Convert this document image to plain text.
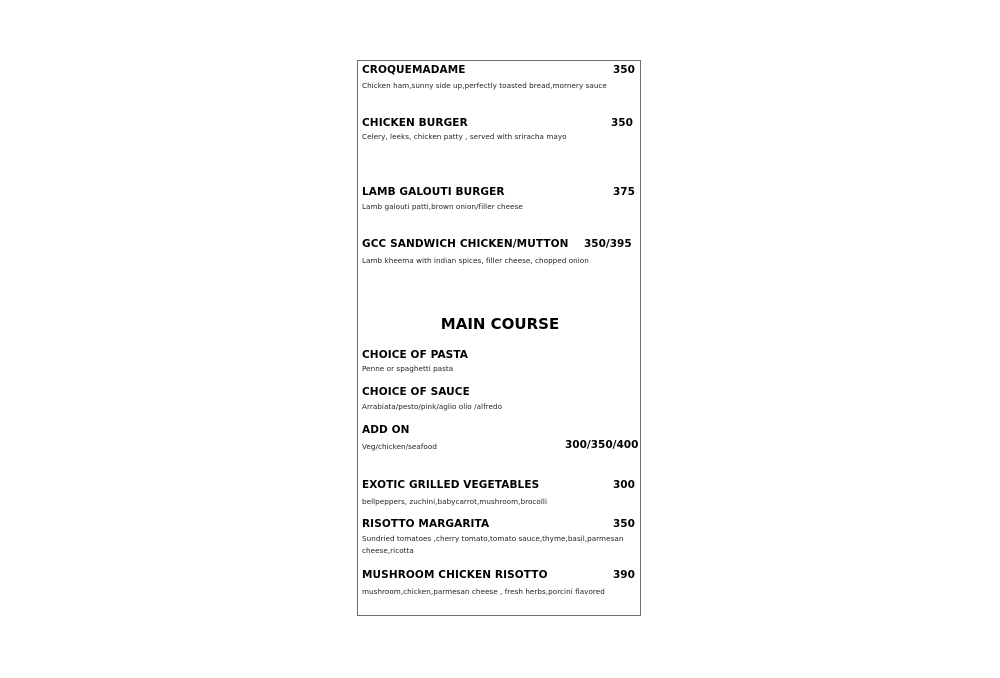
CROQUEMADAME	350
Chicken ham,sunny side up,perfectly toasted bread,mornery sauce
CHICKEN BURGER	350
Celery, leeks, chicken patty , served with sriracha mayo
LAMB GALOUTI BURGER	375
Lamb galouti patti,brown onion/filler cheese
GCC SANDWICH CHICKEN/MUTTON 350/395
Lamb kheema with indian spices, filler cheese, chopped onion
MAIN COURSE
CHOICE OF PASTA
Penne or spaghetti pasta
CHOICE OF SAUCE
Arrabiata/pesto/pink/aglio olio /alfredo
ADD ON
Veg/chicken/seafood	300/350/400
EXOTIC GRILLED VEGETABLES	300
bellpeppers, zuchini,babycarrot,mushroom,brocolli
RISOTTO MARGARITA	350
Sundried tomatoes ,cherry tomato,tomato sauce,thyme,basil,parmesan cheese,ricotta
MUSHROOM CHICKEN RISOTTO	390
mushroom,chicken,parmesan cheese , fresh herbs,porcini flavored
